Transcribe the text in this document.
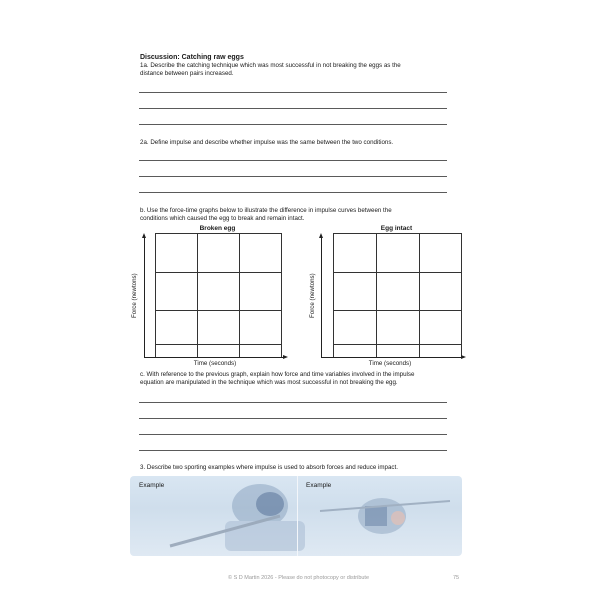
Discussion: Catching raw eggs
1a. Describe the catching technique which was most successful in not breaking the eggs as the
distance between pairs increased.
2a. Define impulse and describe whether impulse was the same between the two conditions.
b. Use the force-time graphs below to illustrate the difference in impulse curves between the
conditions which caused the egg to break and remain intact.
Broken egg
Force (newtons)
Time (seconds)
Egg intact
Force (newtons)
Time (seconds)
c. With reference to the previous graph, explain how force and time variables involved in the impulse
equation are manipulated in the technique which was most successful in not breaking the egg.
3. Describe two sporting examples where impulse is used to absorb forces and reduce impact.
Example	Example
© S D Martin 2026 - Please do not photocopy or distribute	75
